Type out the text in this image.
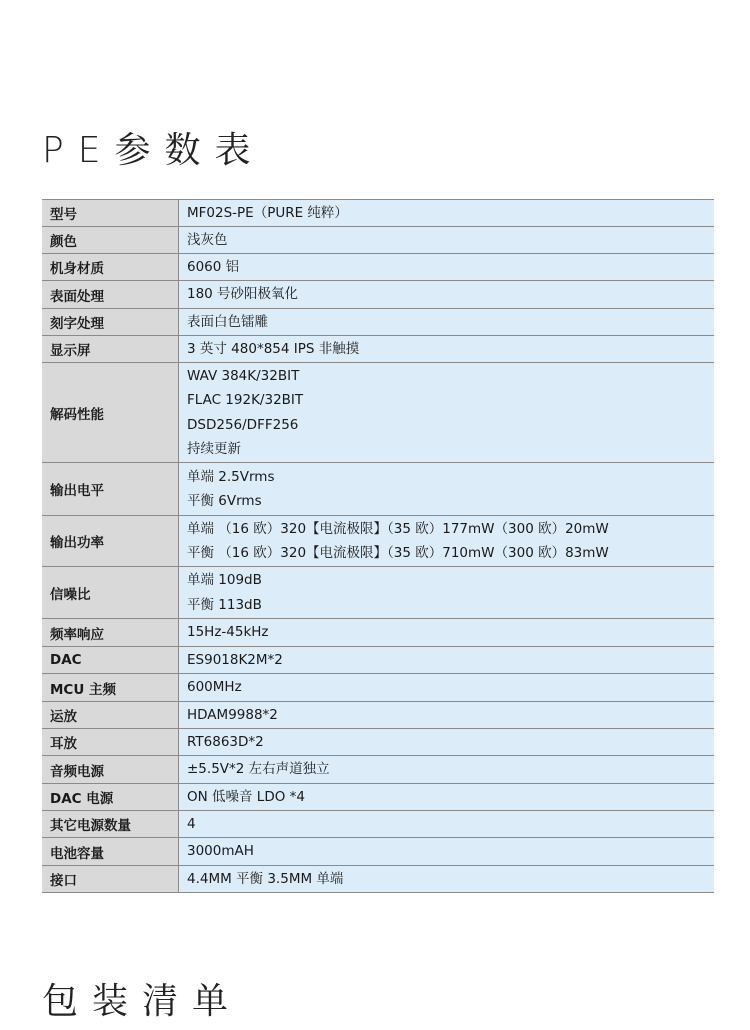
PE参数表
型号	MF02S-PE（PURE 纯粹）

颜色	浅灰色

机身材质	6060 铝

表面处理	180 号砂阳极氧化

刻字处理	表面白色镭雕

显示屏	3 英寸 480*854 IPS 非触摸

解码性能	WAV 384K/32BIT
FLAC 192K/32BIT
DSD256/DFF256
持续更新

输出电平	单端 2.5Vrms
平衡 6Vrms

输出功率	单端 （16 欧）320【电流极限】（35 欧）177mW（300 欧）20mW
平衡 （16 欧）320【电流极限】（35 欧）710mW（300 欧）83mW

信噪比	单端 109dB
平衡 113dB

频率响应	15Hz-45kHz

DAC	ES9018K2M*2

MCU 主频	600MHz

运放	HDAM9988*2

耳放	RT6863D*2

音频电源	±5.5V*2 左右声道独立

DAC 电源	ON 低噪音 LDO *4

其它电源数量	4

电池容量	3000mAH

接口	4.4MM 平衡 3.5MM 单端
包装清单
